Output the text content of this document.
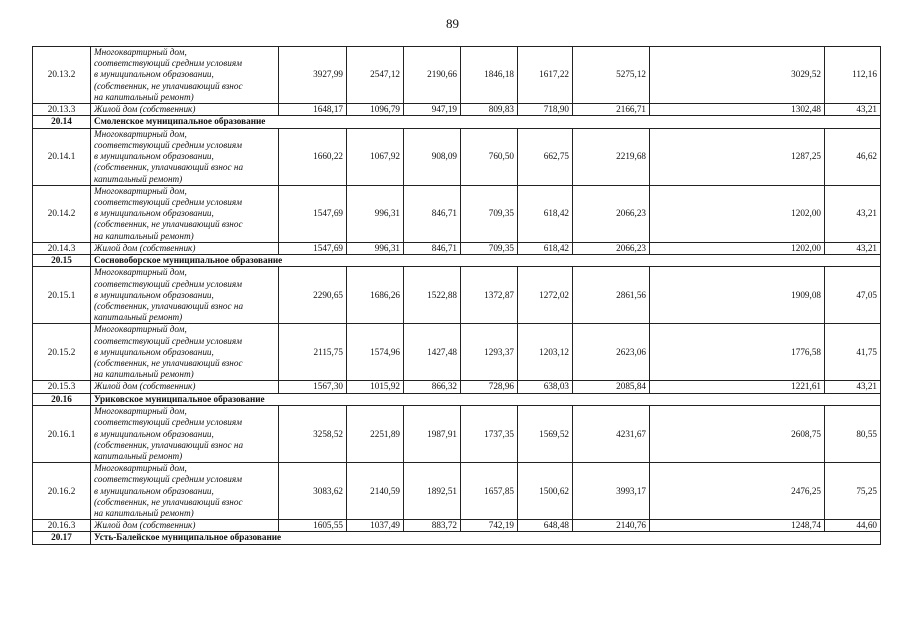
89
20.13.2	Многоквартирный дом,
соответствующий средним условиям
в муниципальном образовании,
(собственник, не уплачивающий взнос
на капитальный ремонт)	3927,99	2547,12	2190,66	1846,18	1617,22	5275,12	3029,52	112,16
20.13.3	Жилой дом (собственник)	1648,17	1096,79	947,19	809,83	718,90	2166,71	1302,48	43,21
20.14	Смоленское муниципальное образование								
20.14.1	Многоквартирный дом,
соответствующий средним условиям
в муниципальном образовании,
(собственник, уплачивающий взнос на
капитальный ремонт)	1660,22	1067,92	908,09	760,50	662,75	2219,68	1287,25	46,62
20.14.2	Многоквартирный дом,
соответствующий средним условиям
в муниципальном образовании,
(собственник, не уплачивающий взнос
на капитальный ремонт)	1547,69	996,31	846,71	709,35	618,42	2066,23	1202,00	43,21
20.14.3	Жилой дом (собственник)	1547,69	996,31	846,71	709,35	618,42	2066,23	1202,00	43,21
20.15	Сосновоборское муниципальное образование								
20.15.1	Многоквартирный дом,
соответствующий средним условиям
в муниципальном образовании,
(собственник, уплачивающий взнос на
капитальный ремонт)	2290,65	1686,26	1522,88	1372,87	1272,02	2861,56	1909,08	47,05
20.15.2	Многоквартирный дом,
соответствующий средним условиям
в муниципальном образовании,
(собственник, не уплачивающий взнос
на капитальный ремонт)	2115,75	1574,96	1427,48	1293,37	1203,12	2623,06	1776,58	41,75
20.15.3	Жилой дом (собственник)	1567,30	1015,92	866,32	728,96	638,03	2085,84	1221,61	43,21
20.16	Уриковское муниципальное образование								
20.16.1	Многоквартирный дом,
соответствующий средним условиям
в муниципальном образовании,
(собственник, уплачивающий взнос на
капитальный ремонт)	3258,52	2251,89	1987,91	1737,35	1569,52	4231,67	2608,75	80,55
20.16.2	Многоквартирный дом,
соответствующий средним условиям
в муниципальном образовании,
(собственник, не уплачивающий взнос
на капитальный ремонт)	3083,62	2140,59	1892,51	1657,85	1500,62	3993,17	2476,25	75,25
20.16.3	Жилой дом (собственник)	1605,55	1037,49	883,72	742,19	648,48	2140,76	1248,74	44,60
20.17	Усть-Балейское муниципальное образование								
